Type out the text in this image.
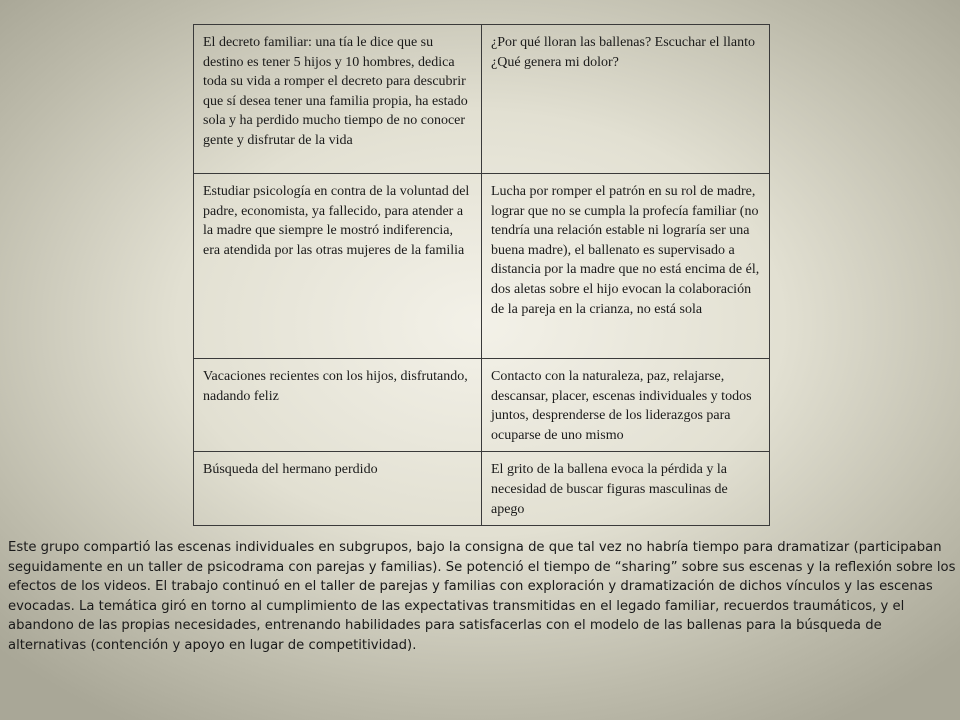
El decreto familiar: una tía le dice que su destino es tener 5 hijos y 10 hombres, dedica toda su vida a romper el decreto para descubrir que sí desea tener una familia propia, ha estado sola y ha perdido mucho tiempo de no conocer gente y disfrutar de la vida	¿Por qué lloran las ballenas? Escuchar el llanto ¿Qué genera mi dolor?
Estudiar psicología en contra de la voluntad del padre, economista, ya fallecido, para atender a la madre que siempre le mostró indiferencia, era atendida por las otras mujeres de la familia	Lucha por romper el patrón en su rol de madre, lograr que no se cumpla la profecía familiar (no tendría una relación estable ni lograría ser una buena madre), el ballenato es supervisado a distancia por la madre que no está encima de él, dos aletas sobre el hijo evocan la colaboración de la pareja en la crianza, no está sola
Vacaciones recientes con los hijos, disfrutando, nadando feliz	Contacto con la naturaleza, paz, relajarse, descansar, placer, escenas individuales y todos juntos, desprenderse de los liderazgos para ocuparse de uno mismo
Búsqueda del hermano perdido	El grito de la ballena evoca la pérdida y la necesidad de buscar figuras masculinas de apego

Este grupo compartió las escenas individuales en subgrupos, bajo la consigna de que tal vez no habría tiempo para dramatizar (participaban seguidamente en un taller de psicodrama con parejas y familias). Se potenció el tiempo de “sharing” sobre sus escenas y la reflexión sobre los efectos de los videos. El trabajo continuó en el taller de parejas y familias con exploración y dramatización de dichos vínculos y las escenas evocadas. La temática giró en torno al cumplimiento de las expectativas transmitidas en el legado familiar, recuerdos traumáticos, y el abandono de las propias necesidades, entrenando habilidades para satisfacerlas con el modelo de las ballenas para la búsqueda de alternativas (contención y apoyo en lugar de competitividad).
